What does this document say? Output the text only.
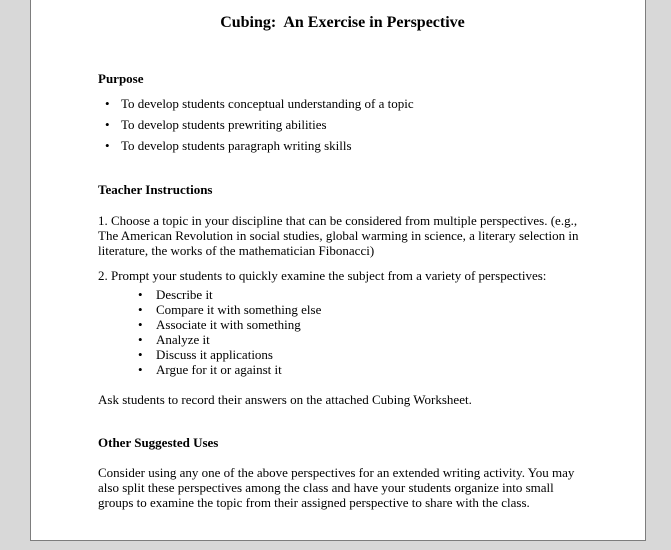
Cubing:  An Exercise in Perspective
Purpose
• To develop students conceptual understanding of a topic
• To develop students prewriting abilities
• To develop students paragraph writing skills
Teacher Instructions
1. Choose a topic in your discipline that can be considered from multiple perspectives. (e.g., The American Revolution in social studies, global warming in science, a literary selection in literature, the works of the mathematician Fibonacci)
2. Prompt your students to quickly examine the subject from a variety of perspectives:
•	Describe it
•	Compare it with something else
•	Associate it with something
•	Analyze it
•	Discuss it applications
•	Argue for it or against it
Ask students to record their answers on the attached Cubing Worksheet.
Other Suggested Uses
Consider using any one of the above perspectives for an extended writing activity. You may also split these perspectives among the class and have your students organize into small groups to examine the topic from their assigned perspective to share with the class.
